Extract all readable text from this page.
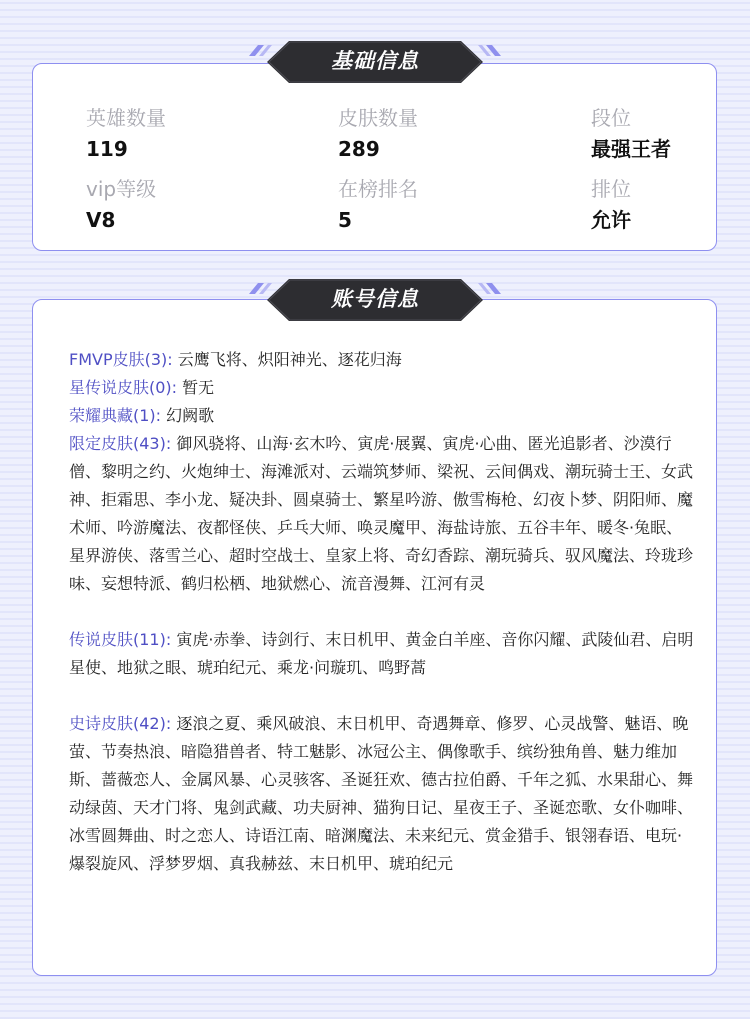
英雄数量
119
皮肤数量
289
段位
最强王者
vip等级
V8
在榜排名
5
排位
允许
基础信息
FMVP皮肤(3): 云鹰飞将、炽阳神光、逐花归海
星传说皮肤(0): 暂无
荣耀典藏(1): 幻阙歌
限定皮肤(43): 御风骁将、山海·玄木吟、寅虎·展翼、寅虎·心曲、匿光追影者、沙漠行僧、黎明之约、火炮绅士、海滩派对、云端筑梦师、梁祝、云间偶戏、潮玩骑士王、女武神、拒霜思、李小龙、疑决卦、圆桌骑士、繁星吟游、傲雪梅枪、幻夜卜梦、阴阳师、魔术师、吟游魔法、夜都怪侠、乒乓大师、唤灵魔甲、海盐诗旅、五谷丰年、暖冬·兔眠、星界游侠、落雪兰心、超时空战士、皇家上将、奇幻香踪、潮玩骑兵、驭风魔法、玲珑珍味、妄想特派、鹤归松栖、地狱燃心、流音漫舞、江河有灵
传说皮肤(11): 寅虎·赤拳、诗剑行、末日机甲、黄金白羊座、音你闪耀、武陵仙君、启明星使、地狱之眼、琥珀纪元、乘龙·问璇玑、鸣野蒿
史诗皮肤(42): 逐浪之夏、乘风破浪、末日机甲、奇遇舞章、修罗、心灵战警、魅语、晚萤、节奏热浪、暗隐猎兽者、特工魅影、冰冠公主、偶像歌手、缤纷独角兽、魅力维加斯、蔷薇恋人、金属风暴、心灵骇客、圣诞狂欢、德古拉伯爵、千年之狐、水果甜心、舞动绿茵、天才门将、鬼剑武藏、功夫厨神、猫狗日记、星夜王子、圣诞恋歌、女仆咖啡、冰雪圆舞曲、时之恋人、诗语江南、暗渊魔法、未来纪元、赏金猎手、银翎春语、电玩·爆裂旋风、浮梦罗烟、真我赫兹、末日机甲、琥珀纪元
账号信息
